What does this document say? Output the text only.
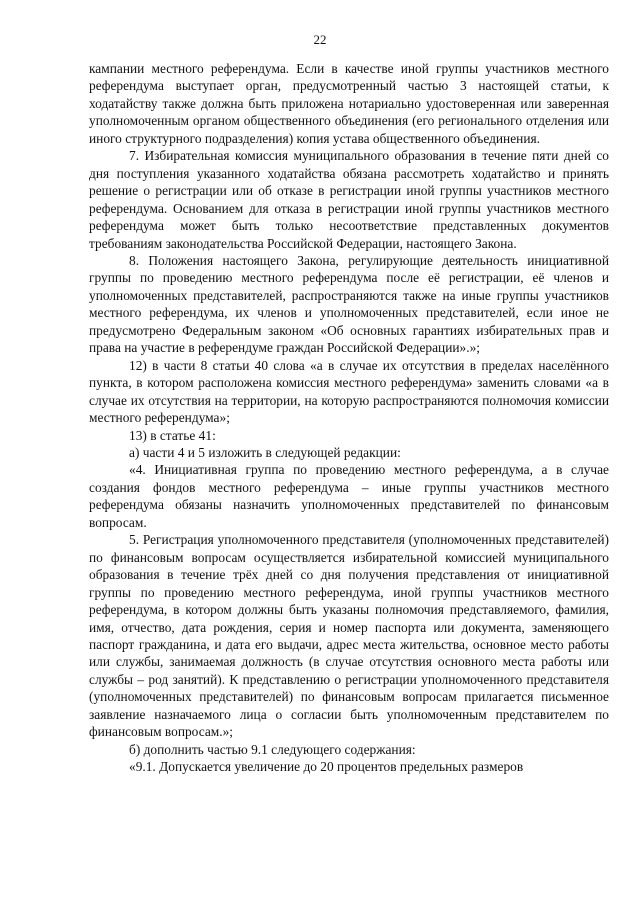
22

кампании местного референдума. Если в качестве иной группы участников местного референдума выступает орган, предусмотренный частью 3 настоящей статьи, к ходатайству также должна быть приложена нотариально удостоверенная или заверенная уполномоченным органом общественного объединения (его регионального отделения или иного структурного подразделения) копия устава общественного объединения.

7. Избирательная комиссия муниципального образования в течение пяти дней со дня поступления указанного ходатайства обязана рассмотреть ходатайство и принять решение о регистрации или об отказе в регистрации иной группы участников местного референдума. Основанием для отказа в регистрации иной группы участников местного референдума может быть только несоответствие представленных документов требованиям законодательства Российской Федерации, настоящего Закона.

8. Положения настоящего Закона, регулирующие деятельность инициативной группы по проведению местного референдума после её регистрации, её членов и уполномоченных представителей, распространяются также на иные группы участников местного референдума, их членов и уполномоченных представителей, если иное не предусмотрено Федеральным законом «Об основных гарантиях избирательных прав и права на участие в референдуме граждан Российской Федерации».»;

12) в части 8 статьи 40 слова «а в случае их отсутствия в пределах населённого пункта, в котором расположена комиссия местного референдума» заменить словами «а в случае их отсутствия на территории, на которую распространяются полномочия комиссии местного референдума»;

13) в статье 41:

а) части 4 и 5 изложить в следующей редакции:

«4. Инициативная группа по проведению местного референдума, а в случае создания фондов местного референдума – иные группы участников местного референдума обязаны назначить уполномоченных представителей по финансовым вопросам.

5. Регистрация уполномоченного представителя (уполномоченных представителей) по финансовым вопросам осуществляется избирательной комиссией муниципального образования в течение трёх дней со дня получения представления от инициативной группы по проведению местного референдума, иной группы участников местного референдума, в котором должны быть указаны полномочия представляемого, фамилия, имя, отчество, дата рождения, серия и номер паспорта или документа, заменяющего паспорт гражданина, и дата его выдачи, адрес места жительства, основное место работы или службы, занимаемая должность (в случае отсутствия основного места работы или службы – род занятий). К представлению о регистрации уполномоченного представителя (уполномоченных представителей) по финансовым вопросам прилагается письменное заявление назначаемого лица о согласии быть уполномоченным представителем по финансовым вопросам.»;

б) дополнить частью 9.1 следующего содержания:

«9.1. Допускается увеличение до 20 процентов предельных размеров
